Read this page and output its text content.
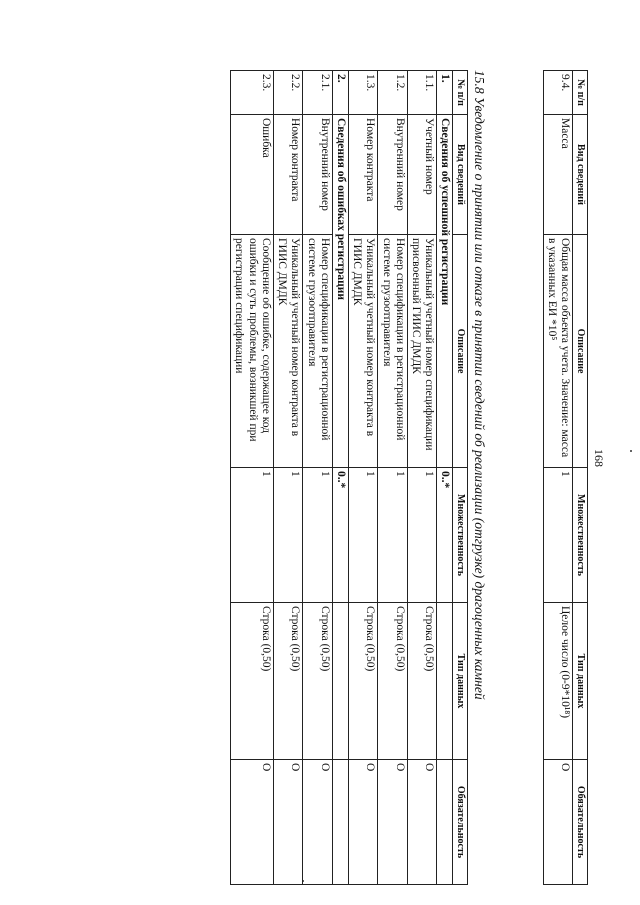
168
№ п/п	Вид сведений	Описание	Множественность	Тип данных	Обязательность
9.4.	Масса	Общая масса объекта учета. Значение: масса в указанных ЕИ *10⁵	1	Целое число (0-9*10¹⁸)	О
15.8 Уведомление о принятии или отказе в принятии сведений об реализации (отгрузке) драгоценных камней
№ п/п	Вид сведений	Описание	Множественность	Тип данных	Обязательность
1.	Сведения об успешной регистрации		0..*		
1.1.	Учетный номер	Уникальный учетный номер спецификации присвоенный ГИИС ДМДК	1	Строка (0,50)	О
1.2.	Внутренний номер	Номер спецификации в регистрационной системе грузоотправителя	1	Строка (0,50)	О
1.3.	Номер контракта	Уникальный учетный номер контракта в ГИИС ДМДК	1	Строка (0,50)	О
2.	Сведения об ошибках регистрации		0..*		
2.1.	Внутренний номер	Номер спецификации в регистрационной системе грузоотправителя	1	Строка (0,50)	О
2.2.	Номер контракта	Уникальный учетный номер контракта в ГИИС ДМДК	1	Строка (0,50)	О
2.3.	Ошибка	Сообщение об ошибке, содержащее код ошибки и суть проблемы, возникшей при регистрации спецификации	1	Строка (0,50)	О
